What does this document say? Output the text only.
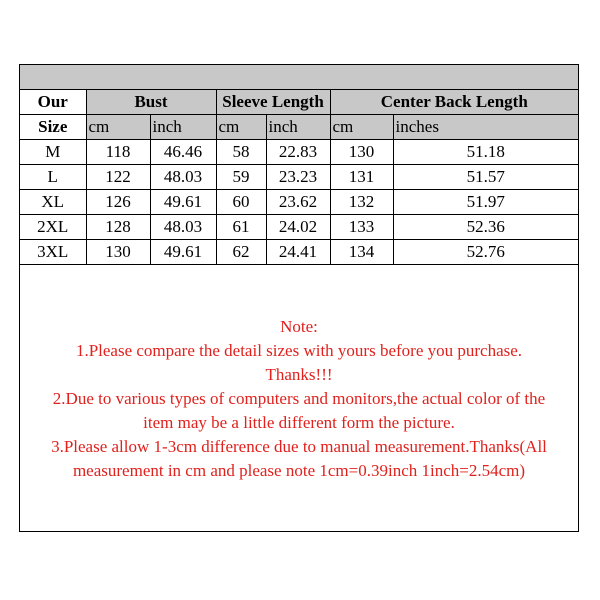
Our	Bust		Sleeve Length		Center Back Length	
Size	cm	inch	cm	inch	cm	inches
M	118	46.46	58	22.83	130	51.18
L	122	48.03	59	23.23	131	51.57
XL	126	49.61	60	23.62	132	51.97
2XL	128	48.03	61	24.02	133	52.36
3XL	130	49.61	62	24.41	134	52.76
Note:
1.Please compare the detail sizes with yours before you purchase.
Thanks!!!
2.Due to various types of computers and monitors,the actual color of the
item may be a little different form the picture.
3.Please allow 1-3cm difference due to manual measurement.Thanks(All
measurement in cm and please note 1cm=0.39inch 1inch=2.54cm)
